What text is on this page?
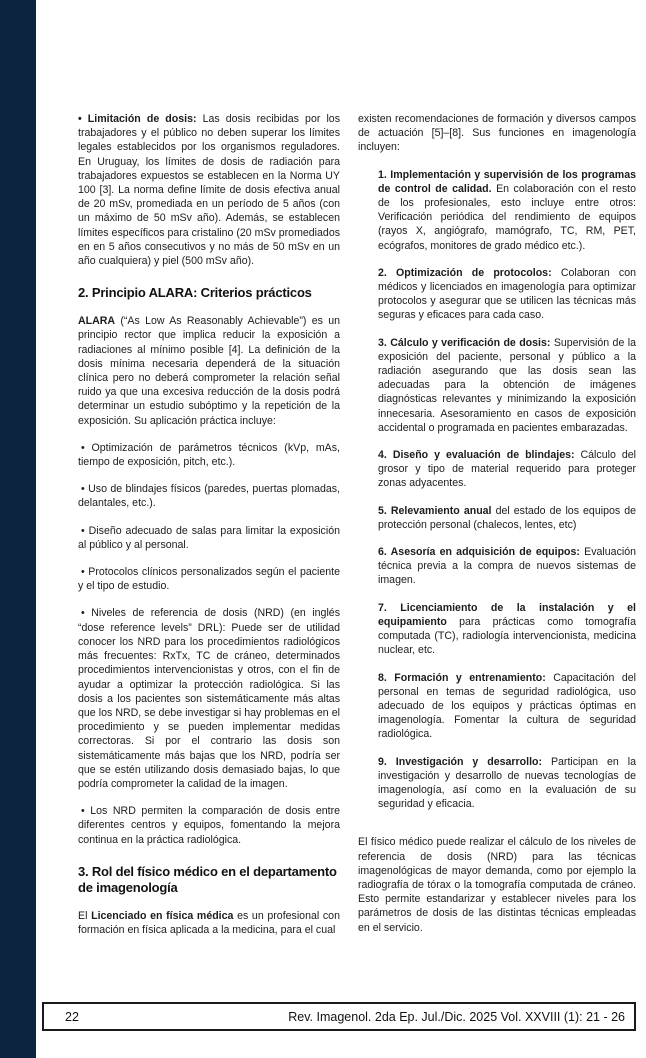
• Limitación de dosis: Las dosis recibidas por los trabajadores y el público no deben superar los límites legales establecidos por los organismos reguladores. En Uruguay, los límites de dosis de radiación para trabajadores expuestos se establecen en la Norma UY 100 [3]. La norma define límite de dosis efectiva anual de 20 mSv, promediada en un período de 5 años (con un máximo de 50 mSv año). Además, se establecen límites específicos para cristalino (20 mSv promediados en en 5 años consecutivos y no más de 50 mSv en un año cualquiera) y piel (500 mSv año).

2. Principio ALARA: Criterios prácticos

ALARA (“As Low As Reasonably Achievable”) es un principio rector que implica reducir la exposición a radiaciones al mínimo posible [4]. La definición de la dosis mínima necesaria dependerá de la situación clínica pero no deberá comprometer la relación señal ruido ya que una excesiva reducción de la dosis podrá determinar un estudio subóptimo y la repetición de la exposición. Su aplicación práctica incluye:

• Optimización de parámetros técnicos (kVp, mAs, tiempo de exposición, pitch, etc.).

• Uso de blindajes físicos (paredes, puertas plomadas, delantales, etc.).

• Diseño adecuado de salas para limitar la exposición al público y al personal.

• Protocolos clínicos personalizados según el paciente y el tipo de estudio.

• Niveles de referencia de dosis (NRD) (en inglés “dose reference levels” DRL): Puede ser de utilidad conocer los NRD para los procedimientos radiológicos más frecuentes: RxTx, TC de cráneo, determinados procedimientos intervencionistas y otros, con el fin de ayudar a optimizar la protección radiológica. Si las dosis a los pacientes son sistemáticamente más altas que los NRD, se debe investigar si hay problemas en el procedimiento y se pueden implementar medidas correctoras. Si por el contrario las dosis son sistemáticamente más bajas que los NRD, podría ser que se estén utilizando dosis demasiado bajas, lo que podría comprometer la calidad de la imagen.

• Los NRD permiten la comparación de dosis entre diferentes centros y equipos, fomentando la mejora continua en la práctica radiológica.

3. Rol del físico médico en el departamento de imagenología

El Licenciado en física médica es un profesional con formación en física aplicada a la medicina, para el cual

existen recomendaciones de formación y diversos campos de actuación [5]–[8]. Sus funciones en imagenología incluyen:

1. Implementación y supervisión de los programas de control de calidad. En colaboración con el resto de los profesionales, esto incluye entre otros: Verificación periódica del rendimiento de equipos (rayos X, angiógrafo, mamógrafo, TC, RM, PET, ecógrafos, monitores de grado médico etc.).

2. Optimización de protocolos: Colaboran con médicos y licenciados en imagenología para optimizar protocolos y asegurar que se utilicen las técnicas más seguras y eficaces para cada caso.

3. Cálculo y verificación de dosis: Supervisión de la exposición del paciente, personal y público a la radiación asegurando que las dosis sean las adecuadas para la obtención de imágenes diagnósticas relevantes y minimizando la exposición innecesaria. Asesoramiento en casos de exposición accidental o programada en pacientes embarazadas.

4. Diseño y evaluación de blindajes: Cálculo del grosor y tipo de material requerido para proteger zonas adyacentes.

5. Relevamiento anual del estado de los equipos de protección personal (chalecos, lentes, etc)

6. Asesoría en adquisición de equipos: Evaluación técnica previa a la compra de nuevos sistemas de imagen.

7. Licenciamiento de la instalación y el equipamiento para prácticas como tomografía computada (TC), radiología intervencionista, medicina nuclear, etc.

8. Formación y entrenamiento: Capacitación del personal en temas de seguridad radiológica, uso adecuado de los equipos y prácticas óptimas en imagenología. Fomentar la cultura de seguridad radiológica.

9. Investigación y desarrollo: Participan en la investigación y desarrollo de nuevas tecnologías de imagenología, así como en la evaluación de su seguridad y eficacia.

El físico médico puede realizar el cálculo de los niveles de referencia de dosis (NRD) para las técnicas imagenológicas de mayor demanda, como por ejemplo la radiografía de tórax o la tomografía computada de cráneo. Esto permite estandarizar y establecer niveles para los parámetros de dosis de las distintas técnicas empleadas en el servicio.

22	Rev. Imagenol. 2da Ep. Jul./Dic. 2025 Vol. XXVIII (1): 21 - 26
